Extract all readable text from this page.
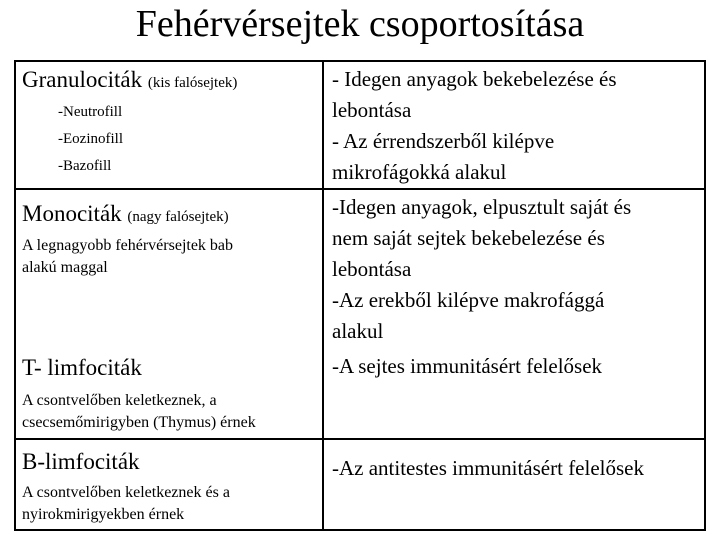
Fehérvérsejtek csoportosítása
Granulociták (kis falósejtek)
-Neutrofill
-Eozinofill
-Bazofill
- Idegen anyagok bekebelezése és
lebontása
- Az érrendszerből kilépve
mikrofágokká alakul
Monociták (nagy falósejtek)
A legnagyobb fehérvérsejtek bab
alakú maggal
-Idegen anyagok, elpusztult saját és
nem saját sejtek bekebelezése és
lebontása
-Az erekből kilépve makrofággá
alakul
T- limfociták
A csontvelőben keletkeznek, a
csecsemőmirigyben (Thymus) érnek
-A sejtes immunitásért felelősek
B-limfociták
A csontvelőben keletkeznek és a
nyirokmirigyekben érnek
-Az antitestes immunitásért felelősek
